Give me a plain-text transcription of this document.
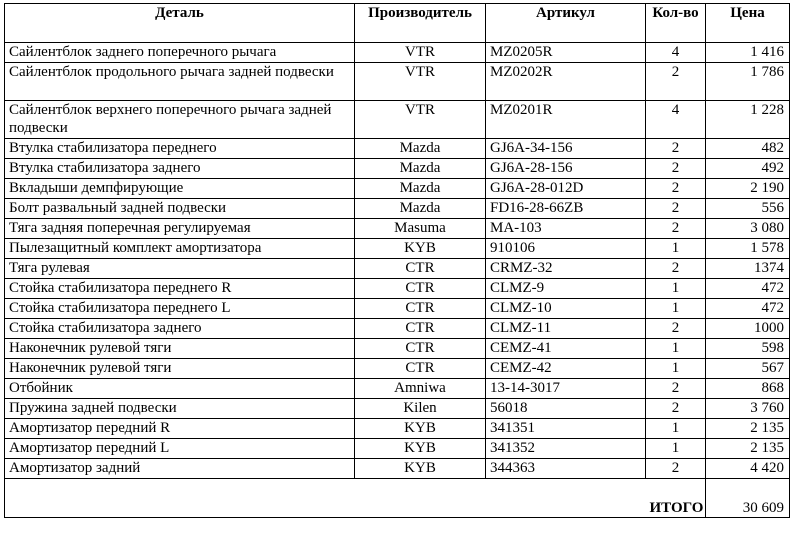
Деталь	Производитель	Артикул	Кол-во	Цена
Сайлентблок заднего поперечного рычага	VTR	MZ0205R	4	1 416
Сайлентблок продольного рычага задней подвески	VTR	MZ0202R	2	1 786
Сайлентблок верхнего поперечного рычага задней подвески	VTR	MZ0201R	4	1 228
Втулка стабилизатора переднего	Mazda	GJ6A-34-156	2	482
Втулка стабилизатора заднего	Mazda	GJ6A-28-156	2	492
Вкладыши демпфирующие	Mazda	GJ6A-28-012D	2	2 190
Болт развальный задней подвески	Mazda	FD16-28-66ZB	2	556
Тяга задняя поперечная регулируемая	Masuma	MA-103	2	3 080
Пылезащитный комплект амортизатора	KYB	910106	1	1 578
Тяга рулевая	CTR	CRMZ-32	2	1374
Стойка стабилизатора переднего R	CTR	CLMZ-9	1	472
Стойка стабилизатора переднего L	CTR	CLMZ-10	1	472
Стойка стабилизатора заднего	CTR	CLMZ-11	2	1000
Наконечник рулевой тяги	CTR	CEMZ-41	1	598
Наконечник рулевой тяги	CTR	CEMZ-42	1	567
Отбойник	Amniwa	13-14-3017	2	868
Пружина задней подвески	Kilen	56018	2	3 760
Амортизатор передний R	KYB	341351	1	2 135
Амортизатор передний L	KYB	341352	1	2 135
Амортизатор задний	KYB	344363	2	4 420
			ИТОГО	30 609
